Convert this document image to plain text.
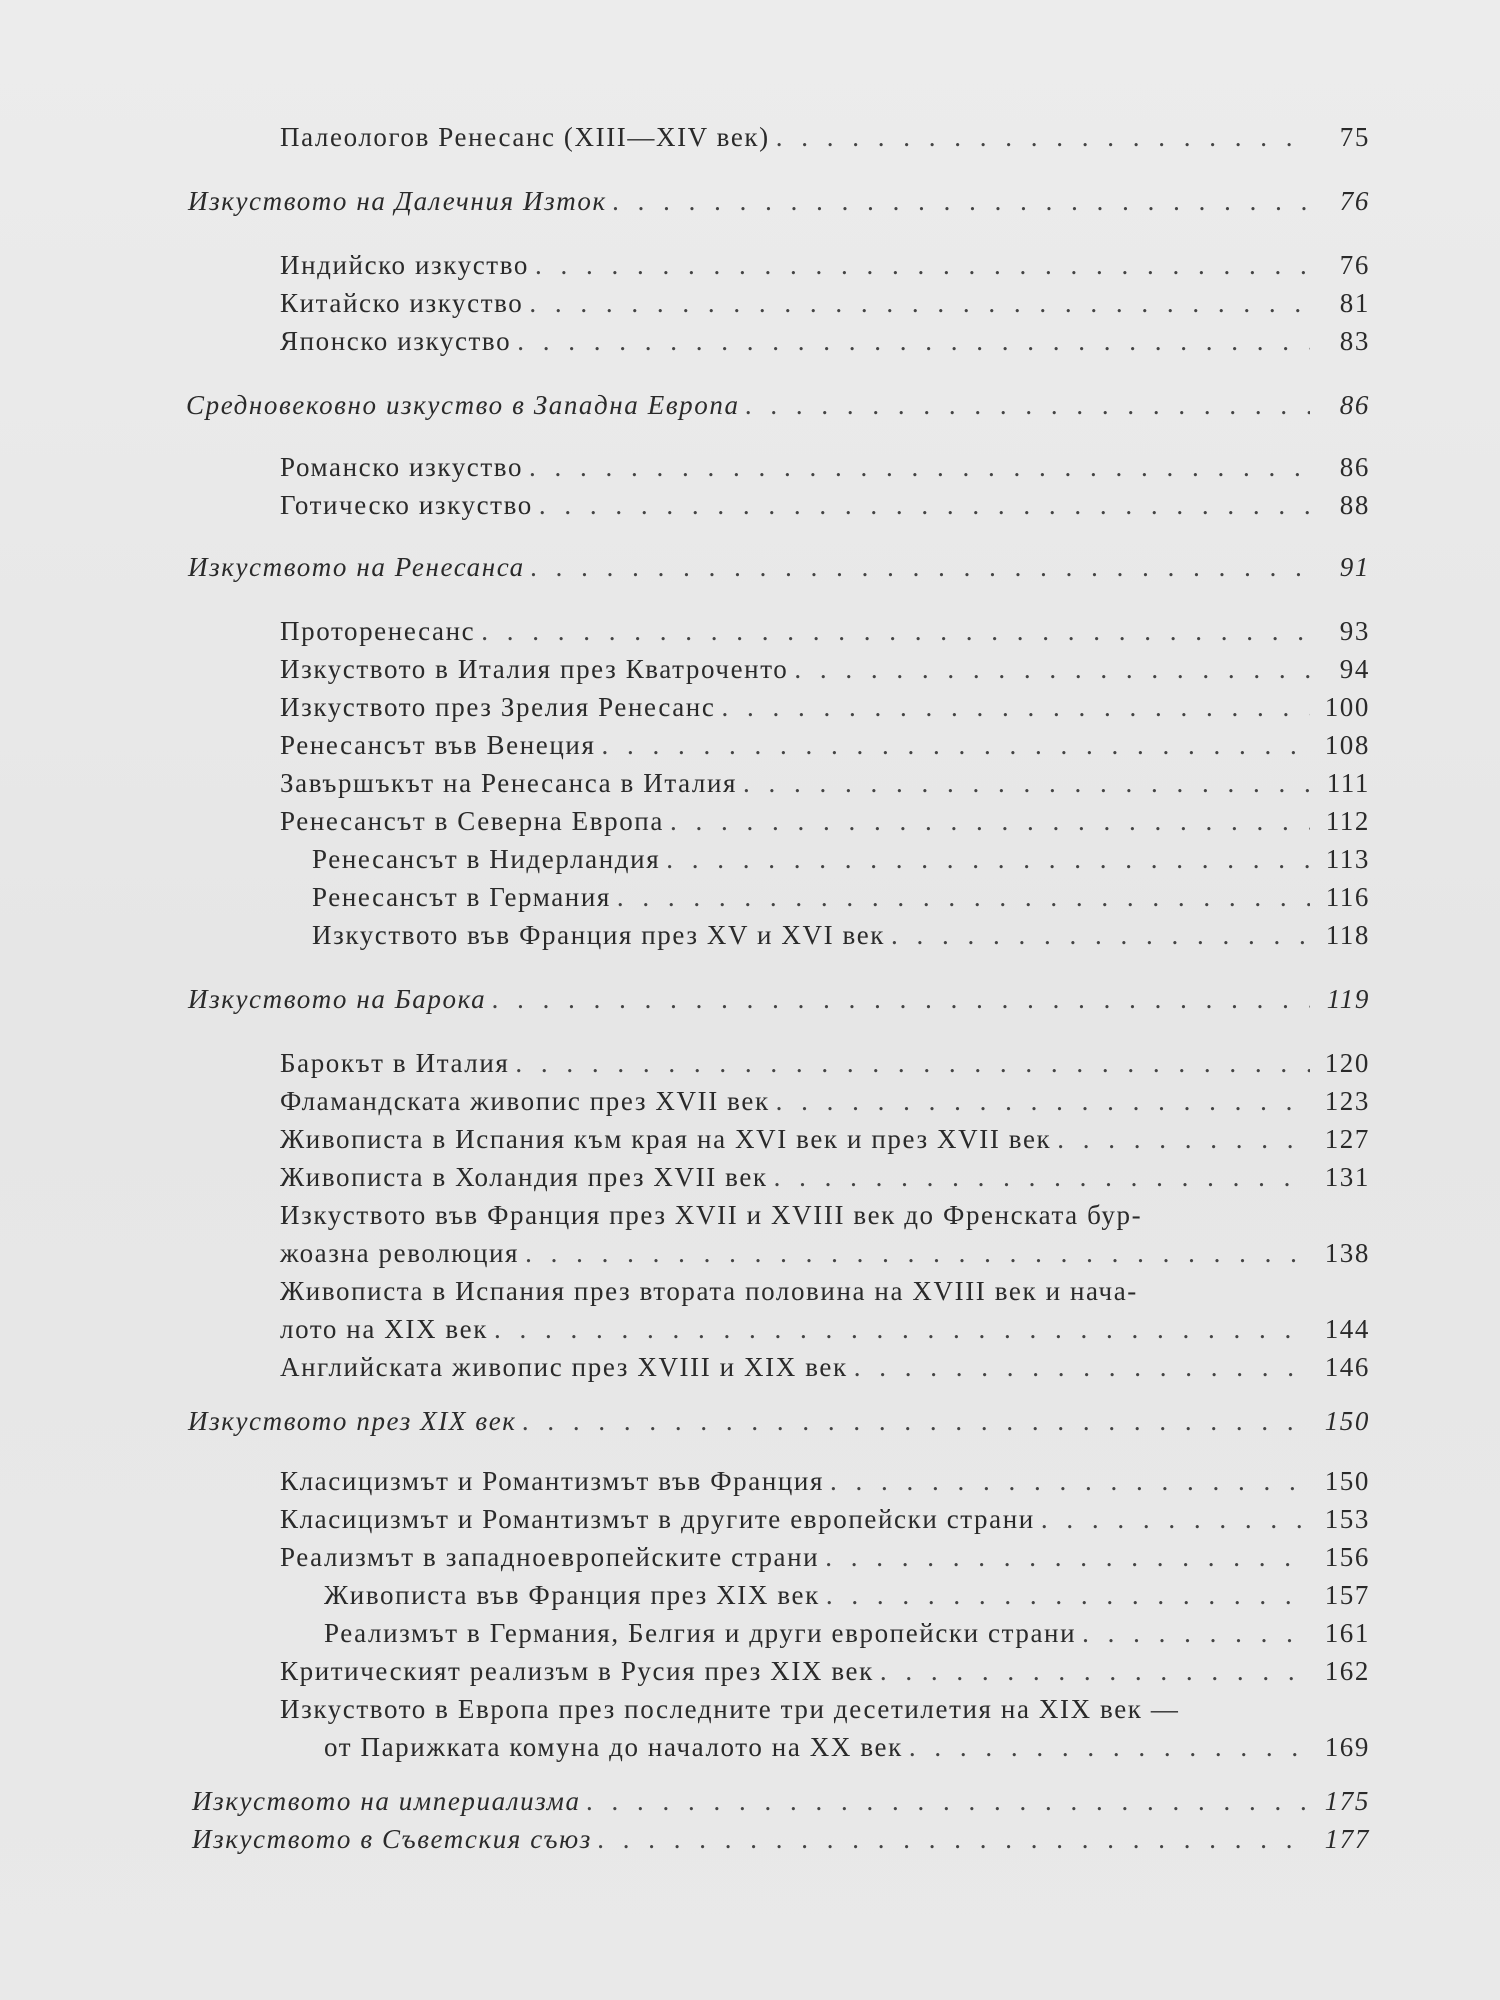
Палеологов Ренесанс (XIII—XIV век) . . .	75
Изкуството на Далечния Изток . . .	76
Индийско изкуство . . .	76
Китайско изкуство . . .	81
Японско изкуство . . .	83
Средновековно изкуство в Западна Европа . . .	86
Романско изкуство . . .	86
Готическо изкуство . . .	88
Изкуството на Ренесанса . . .	91
Проторенесанс . . .	93
Изкуството в Италия през Кватроченто . . .	94
Изкуството през Зрелия Ренесанс . . .	100
Ренесансът във Венеция . . .	108
Завършъкът на Ренесанса в Италия . . .	111
Ренесансът в Северна Европа . . .	112
Ренесансът в Нидерландия . . .	113
Ренесансът в Германия . . .	116
Изкуството във Франция през XV и XVI век . . .	118
Изкуството на Барока . . .	119
Барокът в Италия . . .	120
Фламандската живопис през XVII век . . .	123
Живописта в Испания към края на XVI век и през XVII век . . .	127
Живописта в Холандия през XVII век . . .	131
Изкуството във Франция през XVII и XVIII век до Френската бур-
жоазна революция . . .	138
Живописта в Испания през втората половина на XVIII век и нача-
лото на XIX век . . .	144
Английската живопис през XVIII и XIX век . . .	146
Изкуството през XIX век . . .	150
Класицизмът и Романтизмът във Франция . . .	150
Класицизмът и Романтизмът в другите европейски страни . . .	153
Реализмът в западноевропейските страни . . .	156
Живописта във Франция през XIX век . . .	157
Реализмът в Германия, Белгия и други европейски страни . . .	161
Критическият реализъм в Русия през XIX век . . .	162
Изкуството в Европа през последните три десетилетия на XIX век —
от Парижката комуна до началото на XX век . . .	169
Изкуството на империализма . . .	175
Изкуството в Съветския съюз . . .	177
